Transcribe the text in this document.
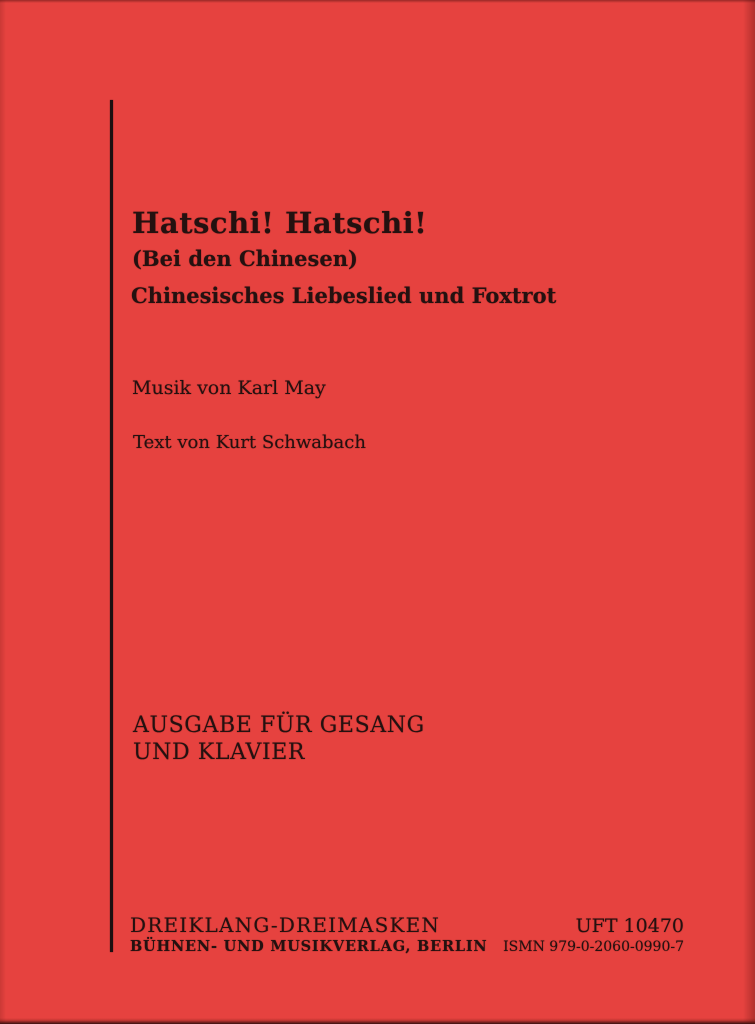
Hatschi! Hatschi!
(Bei den Chinesen)
Chinesisches Liebeslied und Foxtrot
Musik von Karl May
Text von Kurt Schwabach
AUSGABE FÜR GESANG
UND KLAVIER
DREIKLANG-DREIMASKEN
BÜHNEN- UND MUSIKVERLAG, BERLIN
UFT 10470
ISMN 979-0-2060-0990-7
